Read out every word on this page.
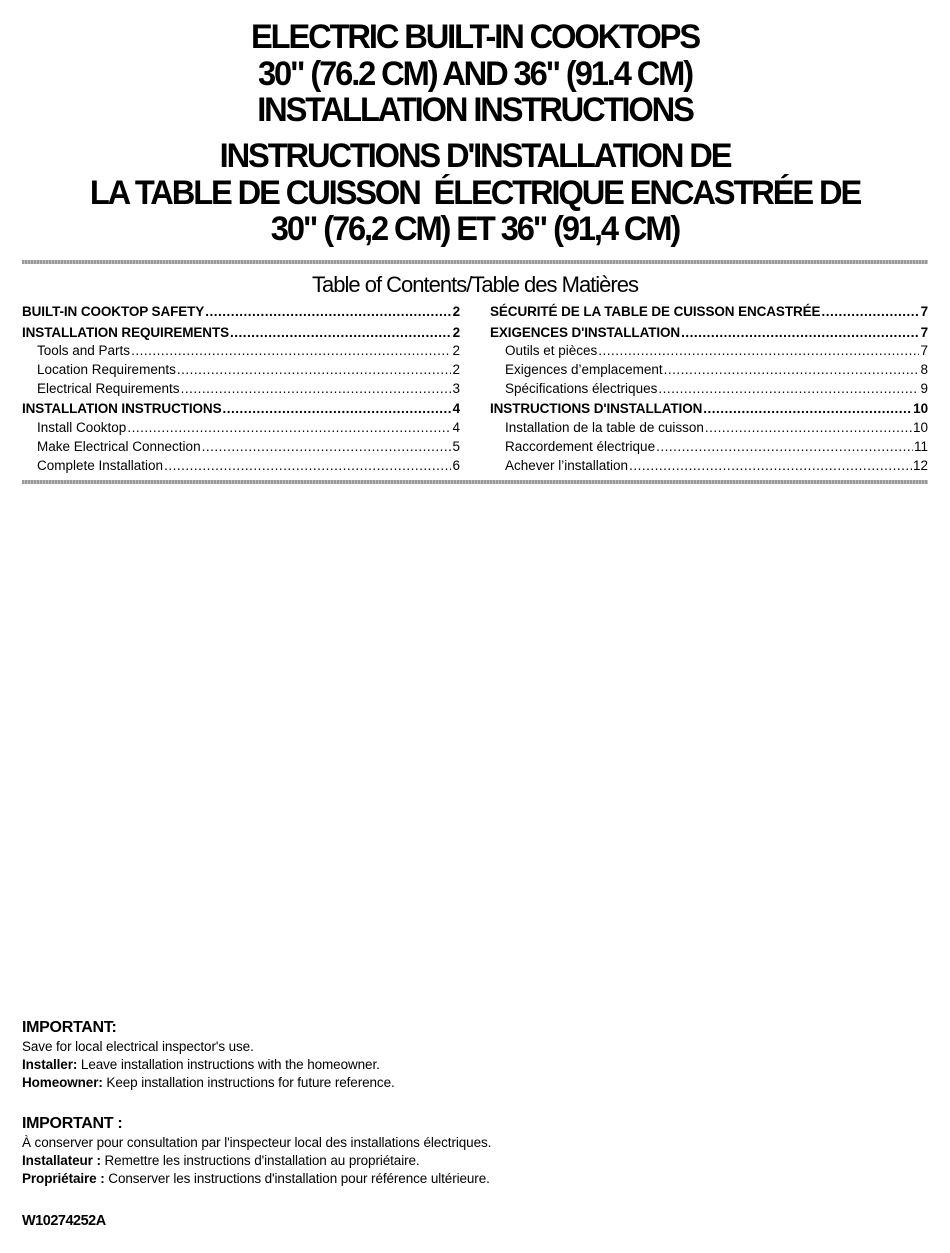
ELECTRIC BUILT-IN COOKTOPS
30" (76.2 CM) AND 36" (91.4 CM)
INSTALLATION INSTRUCTIONS
INSTRUCTIONS D'INSTALLATION DE
LA TABLE DE CUISSON  ÉLECTRIQUE ENCASTRÉE DE
30" (76,2 CM) ET 36" (91,4 CM)
Table of Contents/Table des Matières
BUILT-IN COOKTOP SAFETY .....	2
INSTALLATION REQUIREMENTS .....	2
Tools and Parts .....	2
Location Requirements .....	2
Electrical Requirements .....	3
INSTALLATION INSTRUCTIONS .....	4
Install Cooktop .....	4
Make Electrical Connection .....	5
Complete Installation .....	6
SÉCURITÉ DE LA TABLE DE CUISSON ENCASTRÉE .....	7
EXIGENCES D'INSTALLATION .....	7
Outils et pièces .....	7
Exigences d’emplacement .....	8
Spécifications électriques .....	9
INSTRUCTIONS D'INSTALLATION .....	10
Installation de la table de cuisson .....	10
Raccordement électrique .....	11
Achever l’installation .....	12
IMPORTANT:
Save for local electrical inspector's use.
Installer: Leave installation instructions with the homeowner.
Homeowner: Keep installation instructions for future reference.
IMPORTANT :
À conserver pour consultation par l'inspecteur local des installations électriques.
Installateur : Remettre les instructions d'installation au propriétaire.
Propriétaire : Conserver les instructions d'installation pour référence ultérieure.
W10274252A
